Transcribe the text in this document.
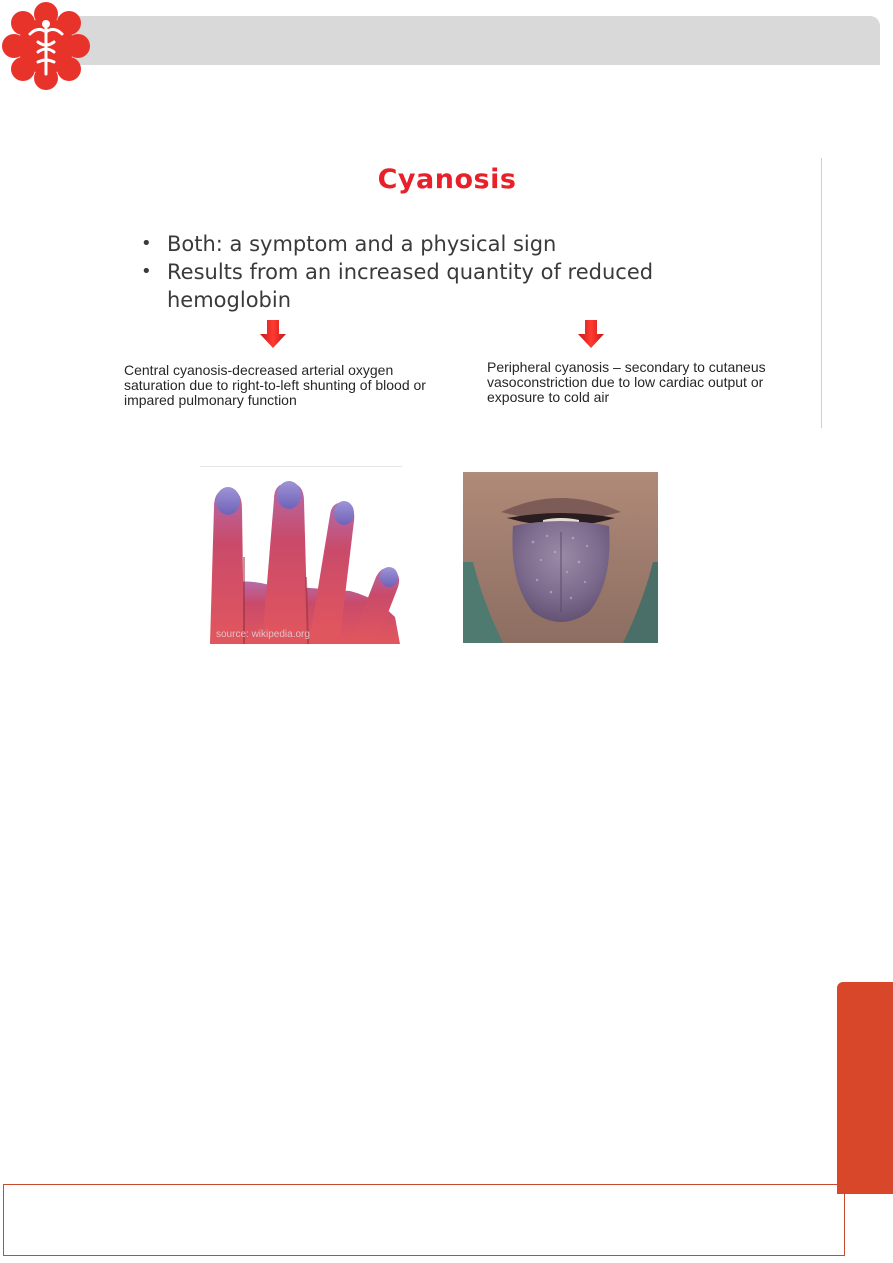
Cyanosis
• Both: a symptom and a physical sign
• Results from an increased quantity of reduced hemoglobin
Central cyanosis-decreased arterial oxygen saturation due to right-to-left shunting of blood or impared pulmonary function
Peripheral cyanosis – secondary to cutaneus vasoconstriction due to low cardiac output or exposure to cold air
source: wikipedia.org
